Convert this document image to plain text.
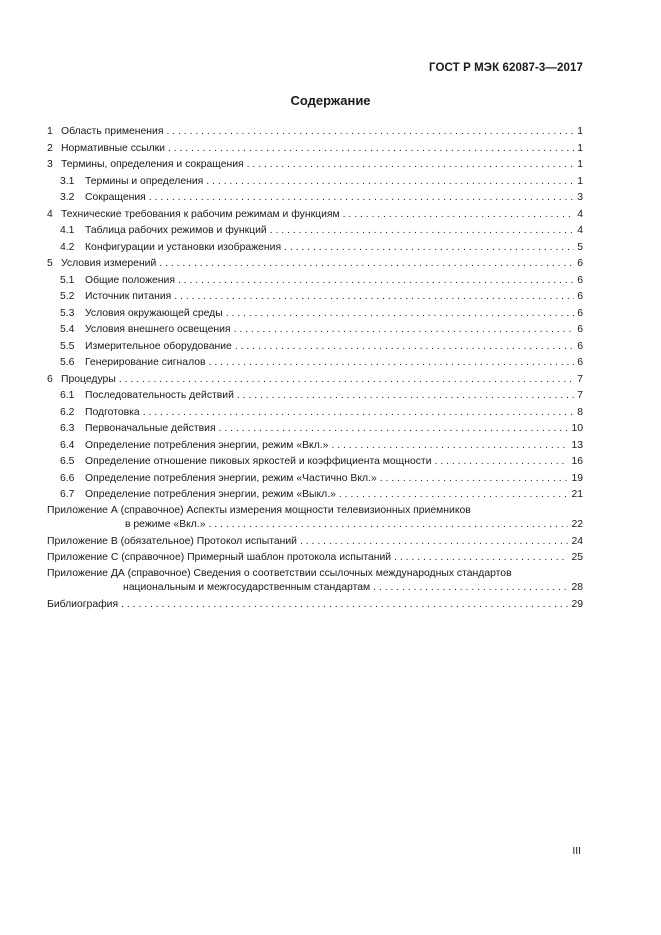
ГОСТ Р МЭК 62087-3—2017
Содержание
1 Область применения . . .	1
2 Нормативные ссылки . . .	1
3 Термины, определения и сокращения . . .	1
3.1	Термины и определения . . .	1
3.2	Сокращения . . .	3
4 Технические требования к рабочим режимам и функциям . . .	4
4.1	Таблица рабочих режимов и функций . . .	4
4.2	Конфигурации и установки изображения . . .	5
5 Условия измерений . . .	6
5.1	Общие положения . . .	6
5.2	Источник питания . . .	6
5.3	Условия окружающей среды . . .	6
5.4	Условия внешнего освещения . . .	6
5.5	Измерительное оборудование . . .	6
5.6	Генерирование сигналов . . .	6
6 Процедуры . . .	7
6.1	Последовательность действий . . .	7
6.2	Подготовка . . .	8
6.3	Первоначальные действия . . .	10
6.4	Определение потребления энергии, режим «Вкл.» . . .	13
6.5	Определение отношение пиковых яркостей и коэффициента мощности . . .	16
6.6	Определение потребления энергии, режим «Частично Вкл.» . . .	19
6.7	Определение потребления энергии, режим «Выкл.» . . .	21
Приложение А (справочное) Аспекты измерения мощности телевизионных приемников
в режиме «Вкл.» . . .	22
Приложение В (обязательное) Протокол испытаний . . .	24
Приложение С (справочное) Примерный шаблон протокола испытаний . . .	25
Приложение ДА (справочное) Сведения о соответствии ссылочных международных стандартов
национальным и межгосударственным стандартам . . .	28
Библиография . . .	29
III
